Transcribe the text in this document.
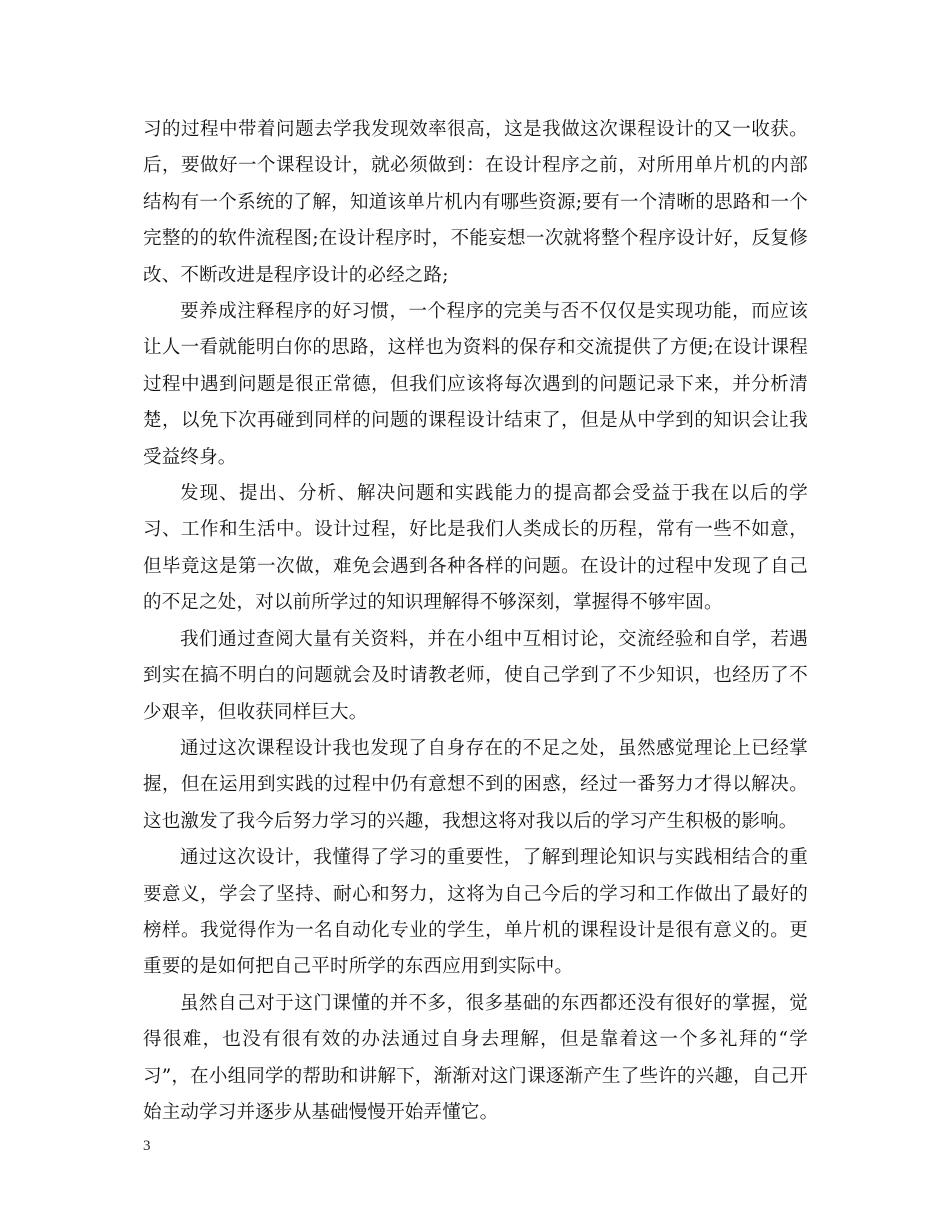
习的过程中带着问题去学我发现效率很高，这是我做这次课程设计的又一收获。后，要做好一个课程设计，就必须做到：在设计程序之前，对所用单片机的内部结构有一个系统的了解，知道该单片机内有哪些资源;要有一个清晰的思路和一个完整的的软件流程图;在设计程序时，不能妄想一次就将整个程序设计好，反复修改、不断改进是程序设计的必经之路;

要养成注释程序的好习惯，一个程序的完美与否不仅仅是实现功能，而应该让人一看就能明白你的思路，这样也为资料的保存和交流提供了方便;在设计课程过程中遇到问题是很正常德，但我们应该将每次遇到的问题记录下来，并分析清楚，以免下次再碰到同样的问题的课程设计结束了，但是从中学到的知识会让我受益终身。

发现、提出、分析、解决问题和实践能力的提高都会受益于我在以后的学习、工作和生活中。设计过程，好比是我们人类成长的历程，常有一些不如意，但毕竟这是第一次做，难免会遇到各种各样的问题。在设计的过程中发现了自己的不足之处，对以前所学过的知识理解得不够深刻，掌握得不够牢固。

我们通过查阅大量有关资料，并在小组中互相讨论，交流经验和自学，若遇到实在搞不明白的问题就会及时请教老师，使自己学到了不少知识，也经历了不少艰辛，但收获同样巨大。

通过这次课程设计我也发现了自身存在的不足之处，虽然感觉理论上已经掌握，但在运用到实践的过程中仍有意想不到的困惑，经过一番努力才得以解决。这也激发了我今后努力学习的兴趣，我想这将对我以后的学习产生积极的影响。

通过这次设计，我懂得了学习的重要性，了解到理论知识与实践相结合的重要意义，学会了坚持、耐心和努力，这将为自己今后的学习和工作做出了最好的榜样。我觉得作为一名自动化专业的学生，单片机的课程设计是很有意义的。更重要的是如何把自己平时所学的东西应用到实际中。

虽然自己对于这门课懂的并不多，很多基础的东西都还没有很好的掌握，觉得很难，也没有很有效的办法通过自身去理解，但是靠着这一个多礼拜的“学习”，在小组同学的帮助和讲解下，渐渐对这门课逐渐产生了些许的兴趣，自己开始主动学习并逐步从基础慢慢开始弄懂它。

3
